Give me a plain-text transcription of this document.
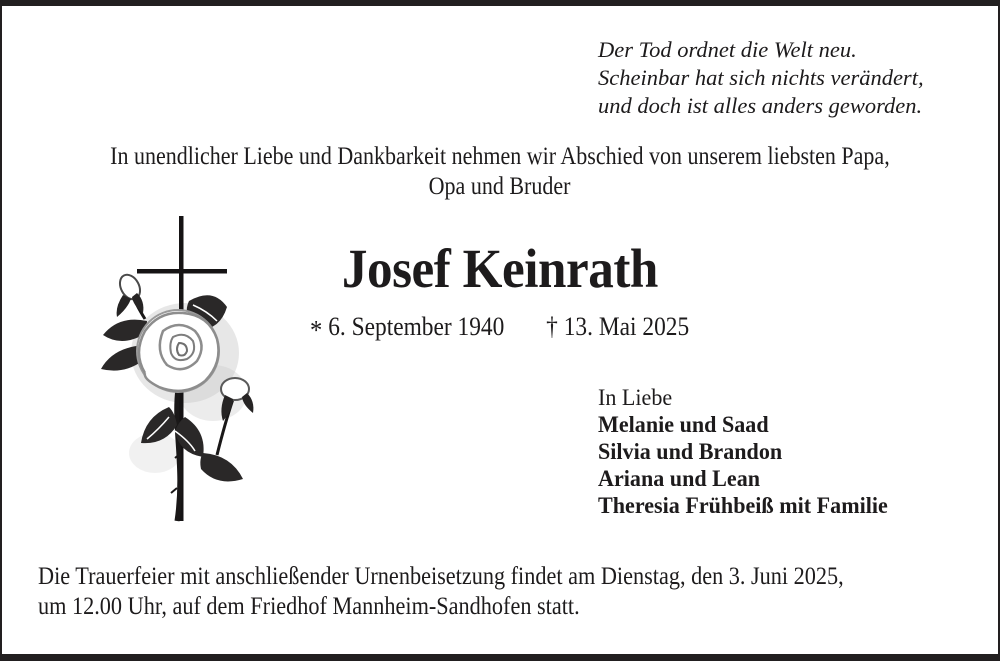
Der Tod ordnet die Welt neu.
Scheinbar hat sich nichts verändert,
und doch ist alles anders geworden.
In unendlicher Liebe und Dankbarkeit nehmen wir Abschied von unserem liebsten Papa,
Opa und Bruder
Josef Keinrath
* 6. September 1940 † 13. Mai 2025
In Liebe
Melanie und Saad
Silvia und Brandon
Ariana und Lean
Theresia Frühbeiß mit Familie
Die Trauerfeier mit anschließender Urnenbeisetzung findet am Dienstag, den 3. Juni 2025,
um 12.00 Uhr, auf dem Friedhof Mannheim-Sandhofen statt.
